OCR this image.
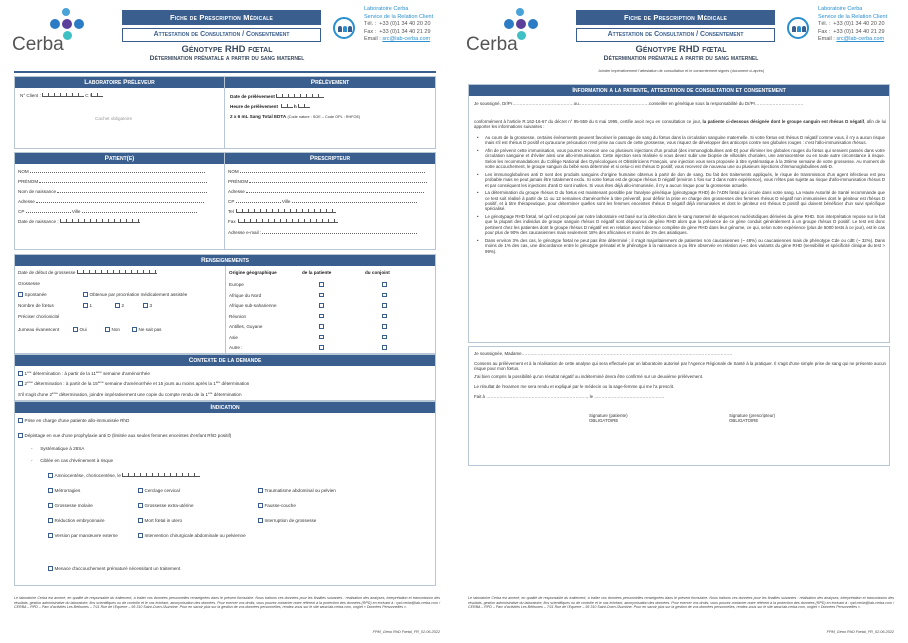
Cerba
Fiche de Prescription Médicale
Attestation de Consultation / Consentement
Laboratoire Cerba
Service de la Relation Client
Tél. : +33 (0)1 34 40 20 20
Fax : +33 (0)1 34 40 21 29
Email : src@lab-cerba.com
Génotype RHD fœtal
Détermination prénatale a partir du sang maternel
Laboratoire Préleveur
N° Client :	C /
Cachet obligatoire
Prélèvement
Date de prélèvement
Heure de prélèvement	h
2 x 6 mL Sang Total EDTA (Code nature : SGE – Code OPL : RHFOE)
Patient(e)
NOM
PRÉNOM
Nom de naissance
Adresse
CP	Ville
Date de naissance :
Prescripteur
NOM
PRÉNOM
Adresse
CP	Ville
Tel
Fax
Adresse e-mail :
Renseignements
Date de début de grossesse
Grossesse
Spontanée	Obtenue par procréation médicalement assistée
Nombre de fœtus	1	2	3
Préciser chorionicité
Jumeau évanescent	Oui	Non	Ne sait pas
Origine géographique	de la patiente	du conjoint
Europe
Afrique du Nord
Afrique sub-saharienne
Réunion
Antilles, Guyane
Asie
Autre :
Contexte de la demande
1ère détermination : à partir de la 11ème semaine d'aménorrhée
2ème détermination : à partir de la 15ème semaine d'aménorrhée et 15 jours au moins après la 1ère détermination
S'il s'agit d'une 2ème détermination, joindre impérativement une copie du compte rendu de la 1ère détermination
Indication
Prise en charge d'une patiente allo-immunisée RhD
Dépistage en vue d'une prophylaxie anti D (limitée aux seules femmes enceintes d'enfant RhD positif)
-      Systématique à 28SA
-      Ciblée en cas d'événement à risque
Amniocentèse, choriocentèse, le
Métrorragies	Cerclage cervical	Traumatisme abdominal ou pelvien
Grossesse molaire	Grossesse extra-utérine	Fausse-couche
Réduction embryonnaire	Mort fœtal in utero	Interruption de grossesse
Version par manœuvre externe	Intervention chirurgicale abdominale ou pelvienne
Menace d'accouchement prématuré nécessitant un traitement
Le laboratoire Cerba est amené, en qualité de responsable du traitement, à traiter vos données personnelles renseignées dans le présent formulaire. Nous traitons ces données pour les finalités suivantes : réalisation des analyses, interprétation et transmission des résultats, gestion administrative du laboratoire, fins scientifiques ou de contrôle et le cas échéant, anonymisation des données. Pour exercer vos droits, vous pouvez contacter notre référent à la protection des données (RPD) en écrivant à : rpd.cerba@lab-cerba.com / CERBA – RPD – Parc d'activités Les Béthunes – 7/11 Rue de l'Equerre – 95 310 Saint-Ouen-l'Aumône. Pour en savoir plus sur la gestion de vos données personnelles, rendez-vous sur le site www.lab-cerba.com, onglet « Données Personnelles ».
FPM_Géno RhD Fœtal_FR_02.06.2022
Cerba
Fiche de Prescription Médicale
Attestation de Consultation / Consentement
Laboratoire Cerba
Service de la Relation Client
Tél. : +33 (0)1 34 40 20 20
Fax : +33 (0)1 34 40 21 29
Email : src@lab-cerba.com
Génotype RHD fœtal
Détermination prénatale a partir du sang maternel
Joindre impérativement l'attestation de consultation et le consentement signés (document ci-après)
Information a la patiente, attestation de consultation et consentement
Je soussigné, Dr/Pr……………………………………ou…………………………………………conseiller en génétique sous la responsabilité du Dr/Pr……………………………
conformément à l'article R.162-16-67 du décret n° 95-559 du 6 mai 1995, certifie avoir reçu en consultation ce jour, la patiente ci-dessous désignée dont le groupe sanguin est rhésus D négatif, afin de lui apporter les informations suivantes :
• Au cours de la grossesse, certains événements peuvent favoriser le passage de sang du fœtus dans la circulation sanguine maternelle. Si votre fœtus est rhésus D négatif comme vous, il n'y a aucun risque mais s'il est rhésus D positif et qu'aucune précaution n'est prise au cours de cette grossesse, vous risquez de développer des anticorps contre ses globules rouges : c'est l'allo-immunisation rhésus.
• Afin de prévenir cette immunisation, vous pourrez recevoir une ou plusieurs injections d'un produit (des immunoglobulines anti-D) pour éliminer les globules rouges du fœtus qui seraient passés dans votre circulation sanguine et d'éviter ainsi une allo-immunisation. Cette injection sera réalisée si vous devez subir une biopsie de villosités choriales, une amniocentèse ou en toute autre circonstance à risque. Selon les recommandations du Collège National des Gynécologues et Obstétriciens Français, une injection vous sera proposée à titre systématique à la 28ème semaine de votre grossesse. Au moment de votre accouchement, le groupe sanguin du bébé sera déterminé et si celui-ci est rhésus D positif, vous recevrez de nouveau une ou plusieurs injections d'immunoglobulines anti-D.
• Les immunoglobulines anti D sont des produits sanguins d'origine humaine obtenus à partir de don de sang. Du fait des traitements appliqués, le risque de transmission d'un agent infectieux est peu probable mais ne peut jamais être totalement exclu. Si votre fœtus est de groupe rhésus D négatif (environ 1 fois sur 3 dans notre expérience), vous n'êtes pas sujette au risque d'allo-immunisation rhésus D et par conséquent les injections d'anti D sont inutiles. Si vous êtes déjà allo-immunisée, il n'y a aucun risque pour la grossesse actuelle.
• La détermination du groupe rhésus D du fœtus est maintenant possible par l'analyse génétique (génotypage RHD) de l'ADN fœtal qui circule dans votre sang. La Haute Autorité de Santé recommande que ce test soit réalisé à partir de 11 ou 12 semaines d'aménorrhée à titre préventif, pour définir la prise en charge des grossesses des femmes rhésus D négatif non immunisées dont le géniteur est rhésus D positif, et à titre thérapeutique, pour déterminer quelles sont les femmes enceintes rhésus D négatif déjà immunisées et dont le géniteur est rhésus D positif qui doivent bénéficier d'un suivi spécifique spécialisé.
• Le génotypage RHD fœtal, tel qu'il est proposé par notre laboratoire est basé sur la détection dans le sang maternel de séquences nucléotidiques dérivées du gène RHD. Son interprétation repose sur le fait que la plupart des individus de groupe sanguin rhésus D négatif sont dépourvus de gène RHD alors que la présence de ce gène conduit généralement à un groupe rhésus D positif. Le test est donc pertinent chez les patientes dont le groupe rhésus D négatif est en relation avec l'absence complète de gène RHD dans leur génome, ce qui, selon notre expérience (plus de 5000 tests à ce jour), est le cas pour plus de 90% des caucasiennes mais seulement 18% des africaines et moins de 1% des asiatiques.
• Dans environ 3% des cas, le génotype fœtal ne peut pas être déterminé ; il s'agit majoritairement de patientes non caucasiennes (~ 48%) ou caucasiennes mais de phénotype Cde ou cdE (~ 32%). Dans moins de 1% des cas, une discordance entre le génotype prénatal et le phénotype à la naissance a pu être observée en relation avec des variants du gène RHD (sensibilité et spécificité clinique du test > 99%).
Je soussignée, Madame………………………………………………………………………………………………………………………………
Consens au prélèvement et à la réalisation de cette analyse qui sera effectuée par un laboratoire autorisé par l'Agence Régionale de Santé à la pratiquer. Il s'agit d'une simple prise de sang qui ne présente aucun risque pour mon fœtus.
J'ai bien compris la possibilité qu'un résultat négatif ou indéterminé devra être confirmé sur un deuxième prélèvement.
Le résultat de l'examen me sera rendu et expliqué par le médecin ou la sage-femme qui me l'a prescrit.
Fait à ……………………………………………………………, le …………………………………………
Signature (patiente)
OBLIGATOIRE
Signature (prescripteur)
OBLIGATOIRE
Le laboratoire Cerba est amené, en qualité de responsable du traitement, à traiter vos données personnelles renseignées dans le présent formulaire. Nous traitons ces données pour les finalités suivantes : réalisation des analyses, interprétation et transmission des résultats, gestion administrative du laboratoire, fins scientifiques ou de contrôle et le cas échéant, anonymisation des données. Pour exercer vos droits, vous pouvez contacter notre référent à la protection des données (RPD) en écrivant à : rpd.cerba@lab-cerba.com / CERBA – RPD – Parc d'activités Les Béthunes – 7/11 Rue de l'Equerre – 95 310 Saint-Ouen-l'Aumône. Pour en savoir plus sur la gestion de vos données personnelles, rendez-vous sur le site www.lab-cerba.com, onglet « Données Personnelles ».
FPM_Géno RhD Fœtal_FR_02.06.2022
